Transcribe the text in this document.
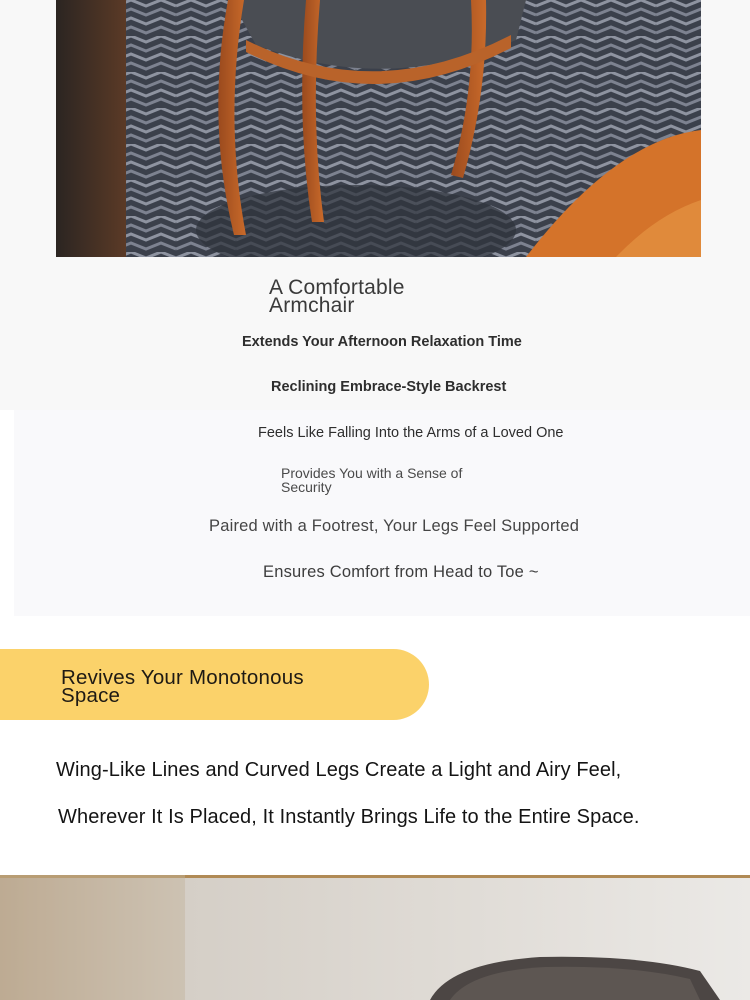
A Comfortable Armchair
Extends Your Afternoon Relaxation Time
Reclining Embrace-Style Backrest
Feels Like Falling Into the Arms of a Loved One
Provides You with a Sense of Security
Paired with a Footrest, Your Legs Feel Supported
Ensures Comfort from Head to Toe ~
Revives Your Monotonous Space
Wing-Like Lines and Curved Legs Create a Light and Airy Feel,
Wherever It Is Placed, It Instantly Brings Life to the Entire Space.
